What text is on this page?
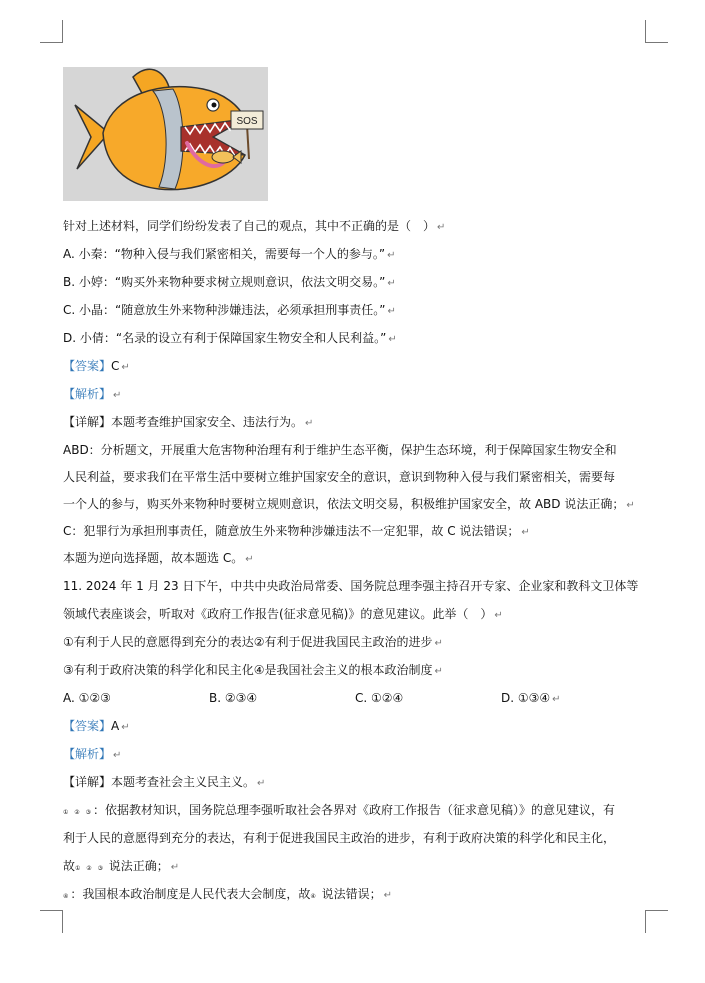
SOS
针对上述材料，同学们纷纷发表了自己的观点，其中不正确的是（　） ↵
A. 小秦：“物种入侵与我们紧密相关，需要每一个人的参与。” ↵
B. 小婷：“购买外来物种要求树立规则意识，依法文明交易。” ↵
C. 小晶：“随意放生外来物种涉嫌违法，必须承担刑事责任。” ↵
D. 小倩：“名录的设立有利于保障国家生物安全和人民利益。” ↵
【答案】C ↵
【解析】 ↵
【详解】本题考查维护国家安全、违法行为。 ↵
ABD：分析题文，开展重大危害物种治理有利于维护生态平衡，保护生态环境，利于保障国家生物安全和
人民利益，要求我们在平常生活中要树立维护国家安全的意识，意识到物种入侵与我们紧密相关，需要每
一个人的参与，购买外来物种时要树立规则意识，依法文明交易，积极维护国家安全，故 ABD 说法正确； ↵
C：犯罪行为承担刑事责任，随意放生外来物种涉嫌违法不一定犯罪，故 C 说法错误； ↵
本题为逆向选择题，故本题选 C。 ↵
11. 2024 年 1 月 23 日下午，中共中央政治局常委、国务院总理李强主持召开专家、企业家和教科文卫体等
领域代表座谈会，听取对《政府工作报告(征求意见稿)》的意见建议。此举（　） ↵
①有利于人民的意愿得到充分的表达②有利于促进我国民主政治的进步 ↵
③有利于政府决策的科学化和民主化④是我国社会主义的根本政治制度 ↵
A. ①②③	B. ②③④	C. ①②④	D. ①③④ ↵
【答案】A ↵
【解析】 ↵
【详解】本题考查社会主义民主义。 ↵
① ② ③：依据教材知识，国务院总理李强听取社会各界对《政府工作报告（征求意见稿）》的意见建议，有
利于人民的意愿得到充分的表达，有利于促进我国民主政治的进步，有利于政府决策的科学化和民主化，
故① ② ③ 说法正确； ↵
④：我国根本政治制度是人民代表大会制度，故④ 说法错误； ↵
